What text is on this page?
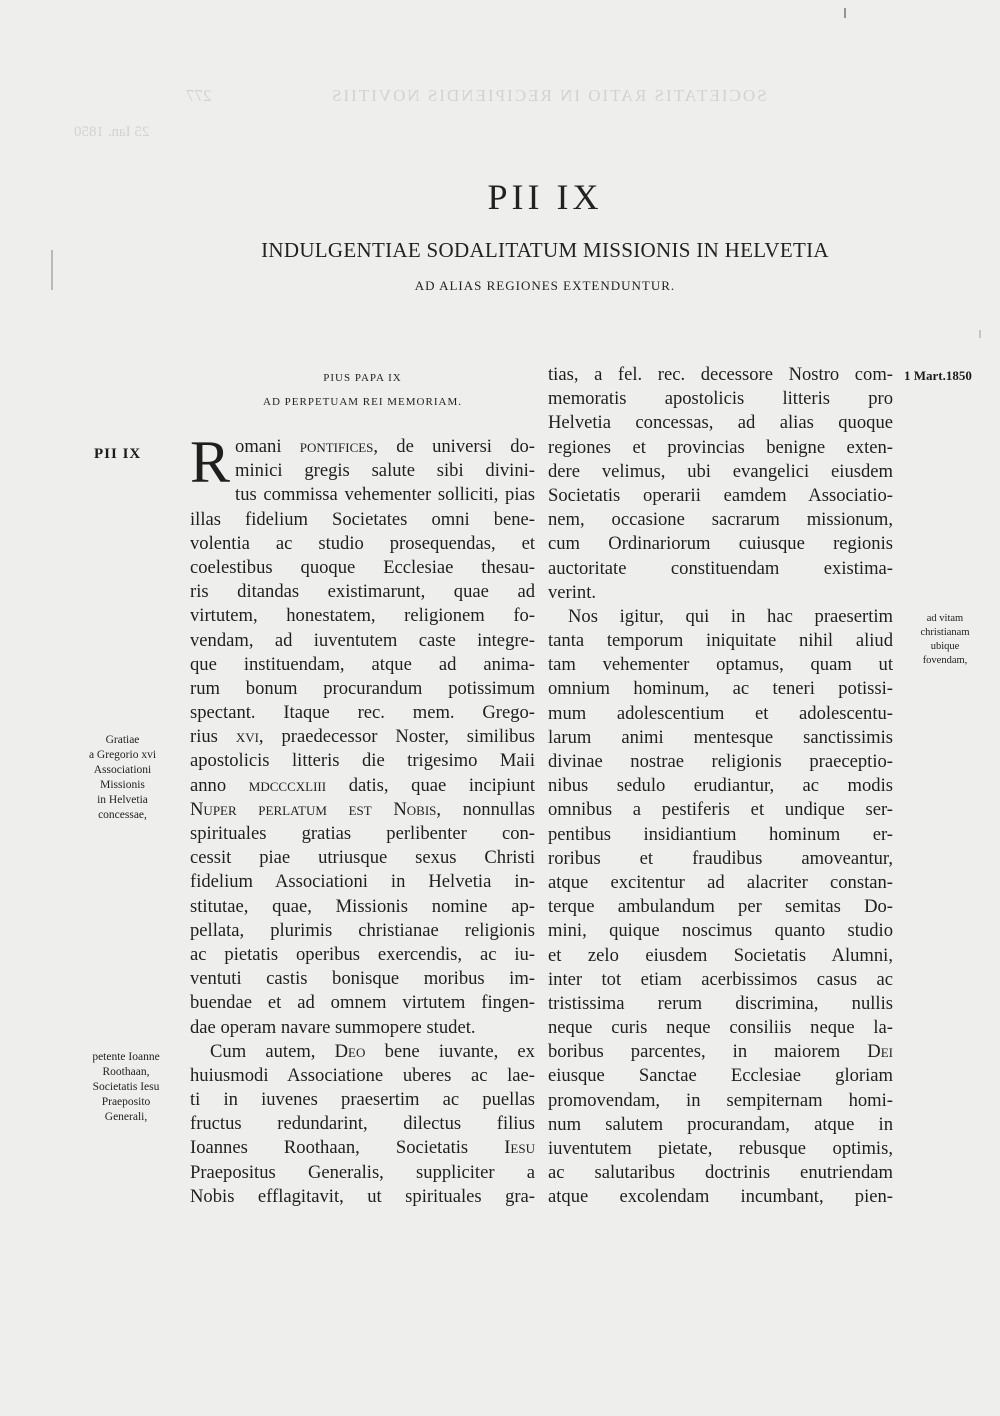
SOCIETATIS RATIO IN RECIPIENDIS NOVITIIS
277
25 Ian. 1850
PII IX
INDULGENTIAE SODALITATUM MISSIONIS IN HELVETIA
AD ALIAS REGIONES EXTENDUNTUR.
PIUS PAPA IX
AD PERPETUAM REI MEMORIAM.
PII IX
1 Mart.1850
Gratiae
a Gregorio xvi
Associationi
Missionis
in Helvetia
concessae,
petente Ioanne
Roothaan,
Societatis Iesu
Praeposito
Generali,
ad vitam
christianam
ubique
fovendam,
R omani pontifices, de universi do-
minici gregis salute sibi divini-
tus commissa vehementer solliciti, pias
illas fidelium Societates omni bene-
volentia ac studio prosequendas, et
coelestibus quoque Ecclesiae thesau-
ris ditandas existimarunt, quae ad
virtutem, honestatem, religionem fo-
vendam, ad iuventutem caste integre-
que instituendam, atque ad anima-
rum bonum procurandum potissimum
spectant. Itaque rec. mem. Grego-
rius xvi, praedecessor Noster, similibus
apostolicis litteris die trigesimo Maii
anno mdcccxliii datis, quae incipiunt
Nuper perlatum est Nobis, nonnullas
spirituales gratias perlibenter con-
cessit piae utriusque sexus Christi
fidelium Associationi in Helvetia in-
stitutae, quae, Missionis nomine ap-
pellata, plurimis christianae religionis
ac pietatis operibus exercendis, ac iu-
ventuti castis bonisque moribus im-
buendae et ad omnem virtutem fingen-
dae operam navare summopere studet.
Cum autem, Deo bene iuvante, ex
huiusmodi Associatione uberes ac lae-
ti in iuvenes praesertim ac puellas
fructus redundarint, dilectus filius
Ioannes Roothaan, Societatis Iesu
Praepositus Generalis, suppliciter a
Nobis efflagitavit, ut spirituales gra-
tias, a fel. rec. decessore Nostro com-
memoratis apostolicis litteris pro
Helvetia concessas, ad alias quoque
regiones et provincias benigne exten-
dere velimus, ubi evangelici eiusdem
Societatis operarii eamdem Associatio-
nem, occasione sacrarum missionum,
cum Ordinariorum cuiusque regionis
auctoritate constituendam existima-
verint.
Nos igitur, qui in hac praesertim
tanta temporum iniquitate nihil aliud
tam vehementer optamus, quam ut
omnium hominum, ac teneri potissi-
mum adolescentium et adolescentu-
larum animi mentesque sanctissimis
divinae nostrae religionis praeceptio-
nibus sedulo erudiantur, ac modis
omnibus a pestiferis et undique ser-
pentibus insidiantium hominum er-
roribus et fraudibus amoveantur,
atque excitentur ad alacriter constan-
terque ambulandum per semitas Do-
mini, quique noscimus quanto studio
et zelo eiusdem Societatis Alumni,
inter tot etiam acerbissimos casus ac
tristissima rerum discrimina, nullis
neque curis neque consiliis neque la-
boribus parcentes, in maiorem Dei
eiusque Sanctae Ecclesiae gloriam
promovendam, in sempiternam homi-
num salutem procurandam, atque in
iuventutem pietate, rebusque optimis,
ac salutaribus doctrinis enutriendam
atque excolendam incumbant, pien-
